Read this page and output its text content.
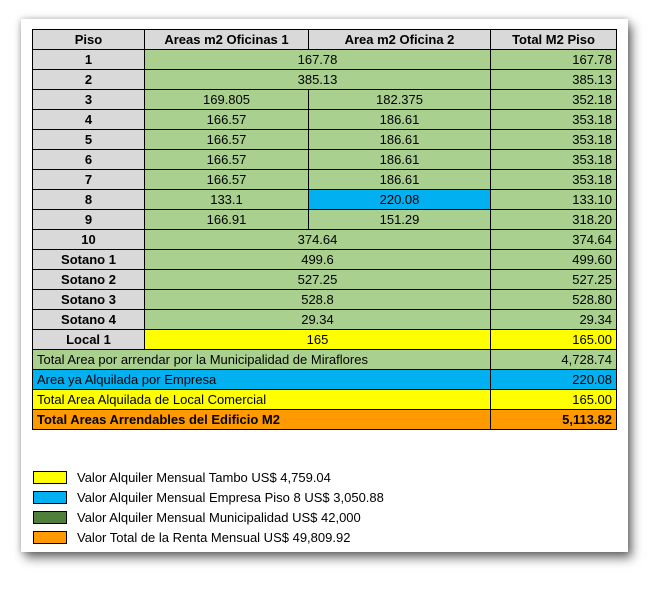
Piso	Areas m2 Oficinas 1	Area m2 Oficina 2	Total M2 Piso
1	167.78		167.78
2	385.13		385.13
3	169.805	182.375	352.18
4	166.57	186.61	353.18
5	166.57	186.61	353.18
6	166.57	186.61	353.18
7	166.57	186.61	353.18
8	133.1	220.08	133.10
9	166.91	151.29	318.20
10	374.64		374.64
Sotano 1	499.6		499.60
Sotano 2	527.25		527.25
Sotano 3	528.8		528.80
Sotano 4	29.34		29.34
Local 1	165		165.00
Total Area por arrendar por la Municipalidad de Miraflores			4,728.74
Area ya Alquilada por Empresa			220.08
Total Area Alquilada de Local Comercial			165.00
Total Areas Arrendables del Edificio M2			5,113.82
Valor Alquiler Mensual Tambo US$ 4,759.04
Valor Alquiler Mensual Empresa Piso 8 US$ 3,050.88
Valor Alquiler Mensual Municipalidad US$ 42,000
Valor Total de la Renta Mensual US$ 49,809.92
